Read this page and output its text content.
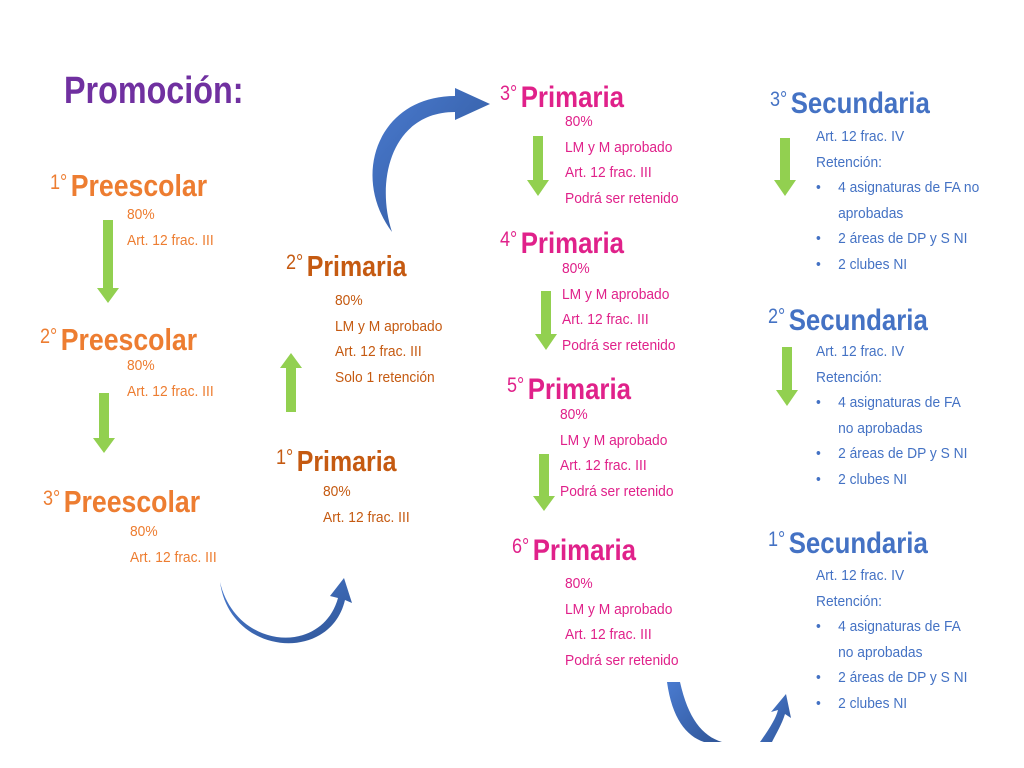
Promoción:
$^{1^\circ}$ Preescolar
80%
Art. 12 frac. III
$^{2^\circ}$ Preescolar
80%
Art. 12 frac. III
$^{3^\circ}$ Preescolar
80%
Art. 12 frac. III
$^{2^\circ}$ Primaria
80%
LM y M aprobado
Art. 12 frac. III
Solo 1 retención
$^{1^\circ}$ Primaria
80%
Art. 12 frac. III
$^{3^\circ}$ Primaria
80%
LM y M aprobado
Art. 12 frac. III
Podrá ser retenido
$^{4^\circ}$ Primaria
80%
LM y M aprobado
Art. 12 frac. III
Podrá ser retenido
$^{5^\circ}$ Primaria
80%
LM y M aprobado
Art. 12 frac. III
Podrá ser retenido
$^{6^\circ}$ Primaria
80%
LM y M aprobado
Art. 12 frac. III
Podrá ser retenido
$^{3^\circ}$ Secundaria
Art. 12 frac. IV
Retención:
• 4 asignaturas de FA no
aprobadas
• 2 áreas de DP y S NI
• 2 clubes NI
$^{2^\circ}$ Secundaria
Art. 12 frac. IV
Retención:
• 4 asignaturas de FA
no aprobadas
• 2 áreas de DP y S NI
• 2 clubes NI
$^{1^\circ}$ Secundaria
Art. 12 frac. IV
Retención:
• 4 asignaturas de FA
no aprobadas
• 2 áreas de DP y S NI
• 2 clubes NI
